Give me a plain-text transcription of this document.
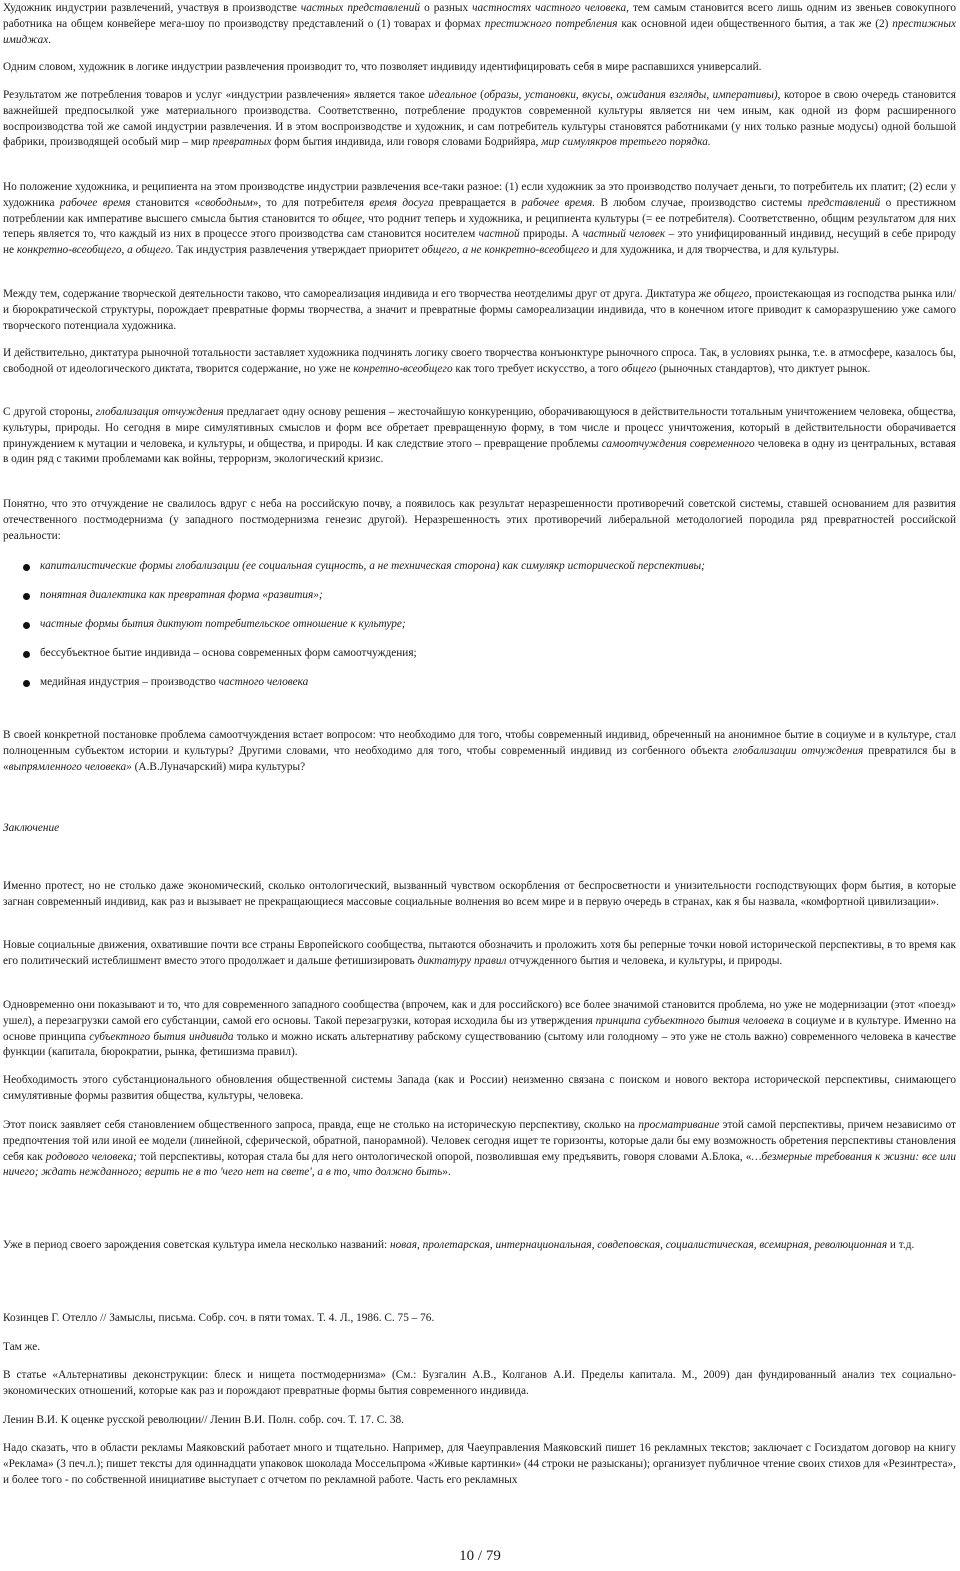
Художник индустрии развлечений, участвуя в производстве частных представлений о разных частностях частного человека, тем самым становится всего лишь одним из звеньев совокупного работника на общем конвейере мега-шоу по производству представлений о (1) товарах и формах престижного потребления как основной идеи общественного бытия, а так же (2) престижных имиджах.

Одним словом, художник в логике индустрии развлечения производит то, что позволяет индивиду идентифицировать себя в мире распавшихся универсалий.

Результатом же потребления товаров и услуг «индустрии развлечения» является такое идеальное (образы, установки, вкусы, ожидания взгляды, императивы), которое в свою очередь становится важнейшей предпосылкой уже материального производства. Соответственно, потребление продуктов современной культуры является ни чем иным, как одной из форм расширенного воспроизводства той же самой индустрии развлечения. И в этом воспроизводстве и художник, и сам потребитель культуры становятся работниками (у них только разные модусы) одной большой фабрики, производящей особый мир – мир превратных форм бытия индивида, или говоря словами Бодрийяра, мир симулякров третьего порядка.

Но положение художника, и реципиента на этом производстве индустрии развлечения все-таки разное: (1) если художник за это производство получает деньги, то потребитель их платит; (2) если у художника рабочее время становится «свободным», то для потребителя время досуга превращается в рабочее время. В любом случае, производство системы представлений о престижном потреблении как императиве высшего смысла бытия становится то общее, что роднит теперь и художника, и реципиента культуры (= ее потребителя). Соответственно, общим результатом для них теперь является то, что каждый из них в процессе этого производства сам становится носителем частной природы. А частный человек – это унифицированный индивид, несущий в себе природу не конкретно-всеобщего, а общего. Так индустрия развлечения утверждает приоритет общего, а не конкретно-всеобщего и для художника, и для творчества, и для культуры.

Между тем, содержание творческой деятельности таково, что самореализация индивида и его творчества неотделимы друг от друга. Диктатура же общего, проистекающая из господства рынка или/и бюрократической структуры, порождает превратные формы творчества, а значит и превратные формы самореализации индивида, что в конечном итоге приводит к саморазрушению уже самого творческого потенциала художника.

И действительно, диктатура рыночной тотальности заставляет художника подчинять логику своего творчества конъюнктуре рыночного спроса. Так, в условиях рынка, т.е. в атмосфере, казалось бы, свободной от идеологического диктата, творится содержание, но уже не конретно-всеобщего как того требует искусство, а того общего (рыночных стандартов), что диктует рынок.

С другой стороны, глобализация отчуждения предлагает одну основу решения – жесточайшую конкуренцию, оборачивающуюся в действительности тотальным уничтожением человека, общества, культуры, природы. Но сегодня в мире симулятивных смыслов и форм все обретает превращенную форму, в том числе и процесс уничтожения, который в действительности оборачивается принуждением к мутации и человека, и культуры, и общества, и природы. И как следствие этого – превращение проблемы самоотчуждения современного человека в одну из центральных, вставая в один ряд с такими проблемами как войны, терроризм, экологический кризис.

Понятно, что это отчуждение не свалилось вдруг с неба на российскую почву, а появилось как результат неразрешенности противоречий советской системы, ставшей основанием для развития отечественного постмодернизма (у западного постмодернизма генезис другой). Неразрешенность этих противоречий либеральной методологией породила ряд превратностей российской реальности:

В своей конкретной постановке проблема самоотчуждения встает вопросом: что необходимо для того, чтобы современный индивид, обреченный на анонимное бытие в социуме и в культуре, стал полноценным субъектом истории и культуры? Другими словами, что необходимо для того, чтобы современный индивид из согбенного объекта глобализации отчуждения превратился бы в «выпрямленного человека» (А.В.Луначарский) мира культуры?

Заключение

Именно протест, но не столько даже экономический, сколько онтологический, вызванный чувством оскорбления от беспросветности и унизительности господствующих форм бытия, в которые загнан современный индивид, как раз и вызывает не прекращающиеся массовые социальные волнения во всем мире и в первую очередь в странах, как я бы назвала, «комфортной цивилизации».

Новые социальные движения, охватившие почти все страны Европейского сообщества, пытаются обозначить и проложить хотя бы реперные точки новой исторической перспективы, в то время как его политический истеблишмент вместо этого продолжает и дальше фетишизировать диктатуру правил отчужденного бытия и человека, и культуры, и природы.

Одновременно они показывают и то, что для современного западного сообщества (впрочем, как и для российского) все более значимой становится проблема, но уже не модернизации (этот «поезд» ушел), а перезагрузки самой его субстанции, самой его основы. Такой перезагрузки, которая исходила бы из утверждения принципа субъектного бытия человека в социуме и в культуре. Именно на основе принципа субъектного бытия индивида только и можно искать альтернативу рабскому существованию (сытому или голодному – это уже не столь важно) современного человека в качестве функции (капитала, бюрократии, рынка, фетишизма правил).

Необходимость этого субстанционального обновления общественной системы Запада (как и России) неизменно связана с поиском и нового вектора исторической перспективы, снимающего симулятивные формы развития общества, культуры, человека.

Этот поиск заявляет себя становлением общественного запроса, правда, еще не столько на историческую перспективу, сколько на просматривание этой самой перспективы, причем независимо от предпочтения той или иной ее модели (линейной, сферической, обратной, панорамной). Человек сегодня ищет те горизонты, которые дали бы ему возможность обретения перспективы становления себя как родового человека; той перспективы, которая стала бы для него онтологической опорой, позволившая ему предъявить, говоря словами А.Блока, «…безмерные требования к жизни: все или ничего; ждать нежданного; верить не в то 'чего нет на свете', а в то, что должно быть».

Уже в период своего зарождения советская культура имела несколько названий: новая, пролетарская, интернациональная, совдеповская, социалистическая, всемирная, революционная и т.д.

Козинцев Г. Отелло // Замыслы, письма. Собр. соч. в пяти томах. Т. 4. Л., 1986. С. 75 – 76.

Там же.

В статье «Альтернативы деконструкции: блеск и нищета постмодернизма» (См.: Бузгалин А.В., Колганов А.И. Пределы капитала. М., 2009) дан фундированный анализ тех социально-экономических отношений, которые как раз и порождают превратные формы бытия современного индивида.

Ленин В.И. К оценке русской революции// Ленин В.И. Полн. собр. соч. Т. 17. С. 38.

Надо сказать, что в области рекламы Маяковский работает много и тщательно. Например, для Чаеуправления Маяковский пишет 16 рекламных текстов; заключает с Госиздатом договор на книгу «Реклама» (3 печ.л.); пишет тексты для одиннадцати упаковок шоколада Моссельпрома «Живые картинки» (44 строки не разысканы); организует публичное чтение своих стихов для «Резинтреста», и более того - по собственной инициативе выступает с отчетом по рекламной работе. Часть его рекламных

капиталистические формы глобализации (ее социальная сущность, а не техническая сторона) как симулякр исторической перспективы;
понятная диалектика как превратная форма «развития»;
частные формы бытия диктуют потребительское отношение к культуре;
бессубъектное бытие индивида – основа современных форм самоотчуждения;
медийная индустрия – производство частного человека
10 / 79
